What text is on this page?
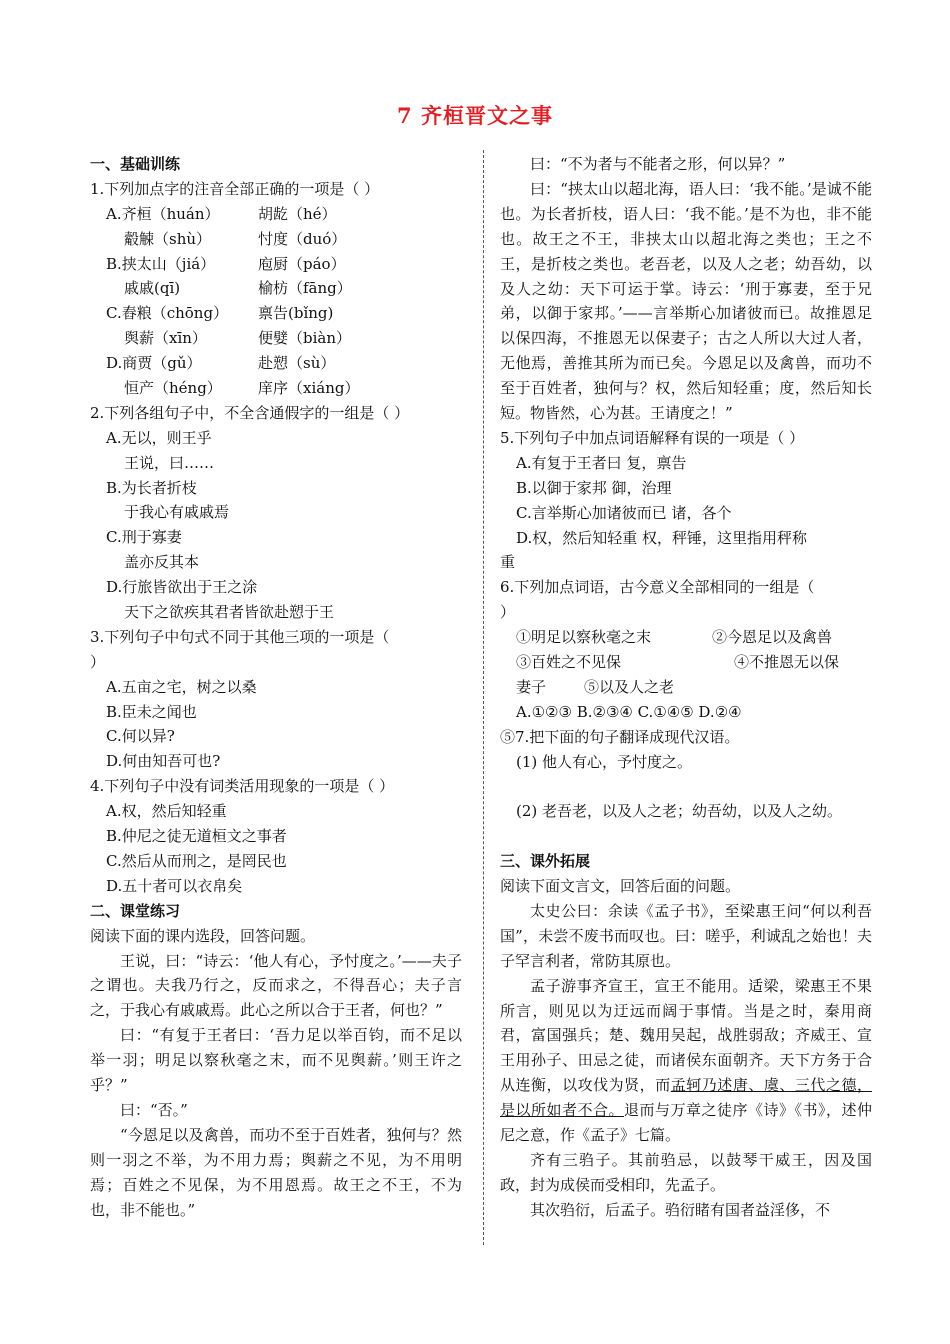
7 齐桓晋文之事
一、基础训练
1.下列加点字的注音全部正确的一项是（ ）
A.齐桓（huán）	胡龁（hé）
觳觫（shù）	忖度（duó）
B.挟太山（jiá）	庖厨（páo）
戚戚(qī)	榆枋（fāng）
C.舂粮（chōng） 禀告(bǐng)
舆薪（xīn）	便嬖（biàn）
D.商贾（gǔ）	赴愬（sù）
恒产（héng） 庠序（xiáng）
2.下列各组句子中，不全含通假字的一组是（ ）
A.无以，则王乎
王说，曰……
B.为长者折枝
于我心有戚戚焉
C.刑于寡妻
盖亦反其本
D.行旅皆欲出于王之涂
天下之欲疾其君者皆欲赴愬于王
3.下列句子中句式不同于其他三项的一项是（
）
A.五亩之宅，树之以桑
B.臣未之闻也
C.何以异?
D.何由知吾可也?
4.下列句子中没有词类活用现象的一项是（ ）
A.权，然后知轻重
B.仲尼之徒无道桓文之事者
C.然后从而刑之，是罔民也
D.五十者可以衣帛矣
二、课堂练习
阅读下面的课内选段，回答问题。
王说，曰：“诗云：‘他人有心，予忖度之。’——夫子之谓也。夫我乃行之，反而求之，不得吾心；夫子言之，于我心有戚戚焉。此心之所以合于王者，何也？”
曰：“有复于王者曰：‘吾力足以举百钧，而不足以举一羽；明足以察秋毫之末，而不见舆薪。’则王许之乎？”
曰：“否。”
“今恩足以及禽兽，而功不至于百姓者，独何与？然则一羽之不举，为不用力焉；舆薪之不见，为不用明焉；百姓之不见保，为不用恩焉。故王之不王，不为也，非不能也。”
曰：“不为者与不能者之形，何以异？”
曰：“挟太山以超北海，语人曰：‘我不能。’是诚不能也。为长者折枝，语人曰：‘我不能。’是不为也，非不能也。故王之不王，非挟太山以超北海之类也；王之不王，是折枝之类也。老吾老，以及人之老；幼吾幼，以及人之幼：天下可运于掌。诗云：‘刑于寡妻，至于兄弟，以御于家邦。’——言举斯心加诸彼而已。故推恩足以保四海，不推恩无以保妻子；古之人所以大过人者，无他焉，善推其所为而已矣。今恩足以及禽兽，而功不至于百姓者，独何与？权，然后知轻重；度，然后知长短。物皆然，心为甚。王请度之！”
5.下列句子中加点词语解释有误的一项是（ ）
A.有复于王者曰 复，禀告
B.以御于家邦 御，治理
C.言举斯心加诸彼而已 诸，各个
D.权，然后知轻重 权，秤锤，这里指用秤称
重
6.下列加点词语，古今意义全部相同的一组是（
）
①明足以察秋毫之末	②今恩足以及禽兽
③百姓之不见保	④不推恩无以保
妻子	⑤以及人之老
A.①②③ B.②③④ C.①④⑤ D.②④
⑤7.把下面的句子翻译成现代汉语。
(1) 他人有心，予忖度之。
(2) 老吾老，以及人之老；幼吾幼，以及人之幼。
三、课外拓展
阅读下面文言文，回答后面的问题。
太史公曰：余读《孟子书》，至梁惠王问“何以利吾国”，未尝不废书而叹也。曰：嗟乎，利诚乱之始也！夫子罕言利者，常防其原也。
孟子游事齐宣王，宣王不能用。适梁，梁惠王不果所言，则见以为迂远而阔于事情。当是之时，秦用商君，富国强兵；楚、魏用吴起，战胜弱敌；齐威王、宣王用孙子、田忌之徒，而诸侯东面朝齐。天下方务于合从连衡，以攻伐为贤，而孟轲乃述唐、虞、三代之德，是以所如者不合。退而与万章之徒序《诗》《书》，述仲尼之意，作《孟子》七篇。
齐有三驺子。其前驺忌，以鼓琴干威王，因及国政，封为成侯而受相印，先孟子。
其次驺衍，后孟子。驺衍睹有国者益淫侈，不
